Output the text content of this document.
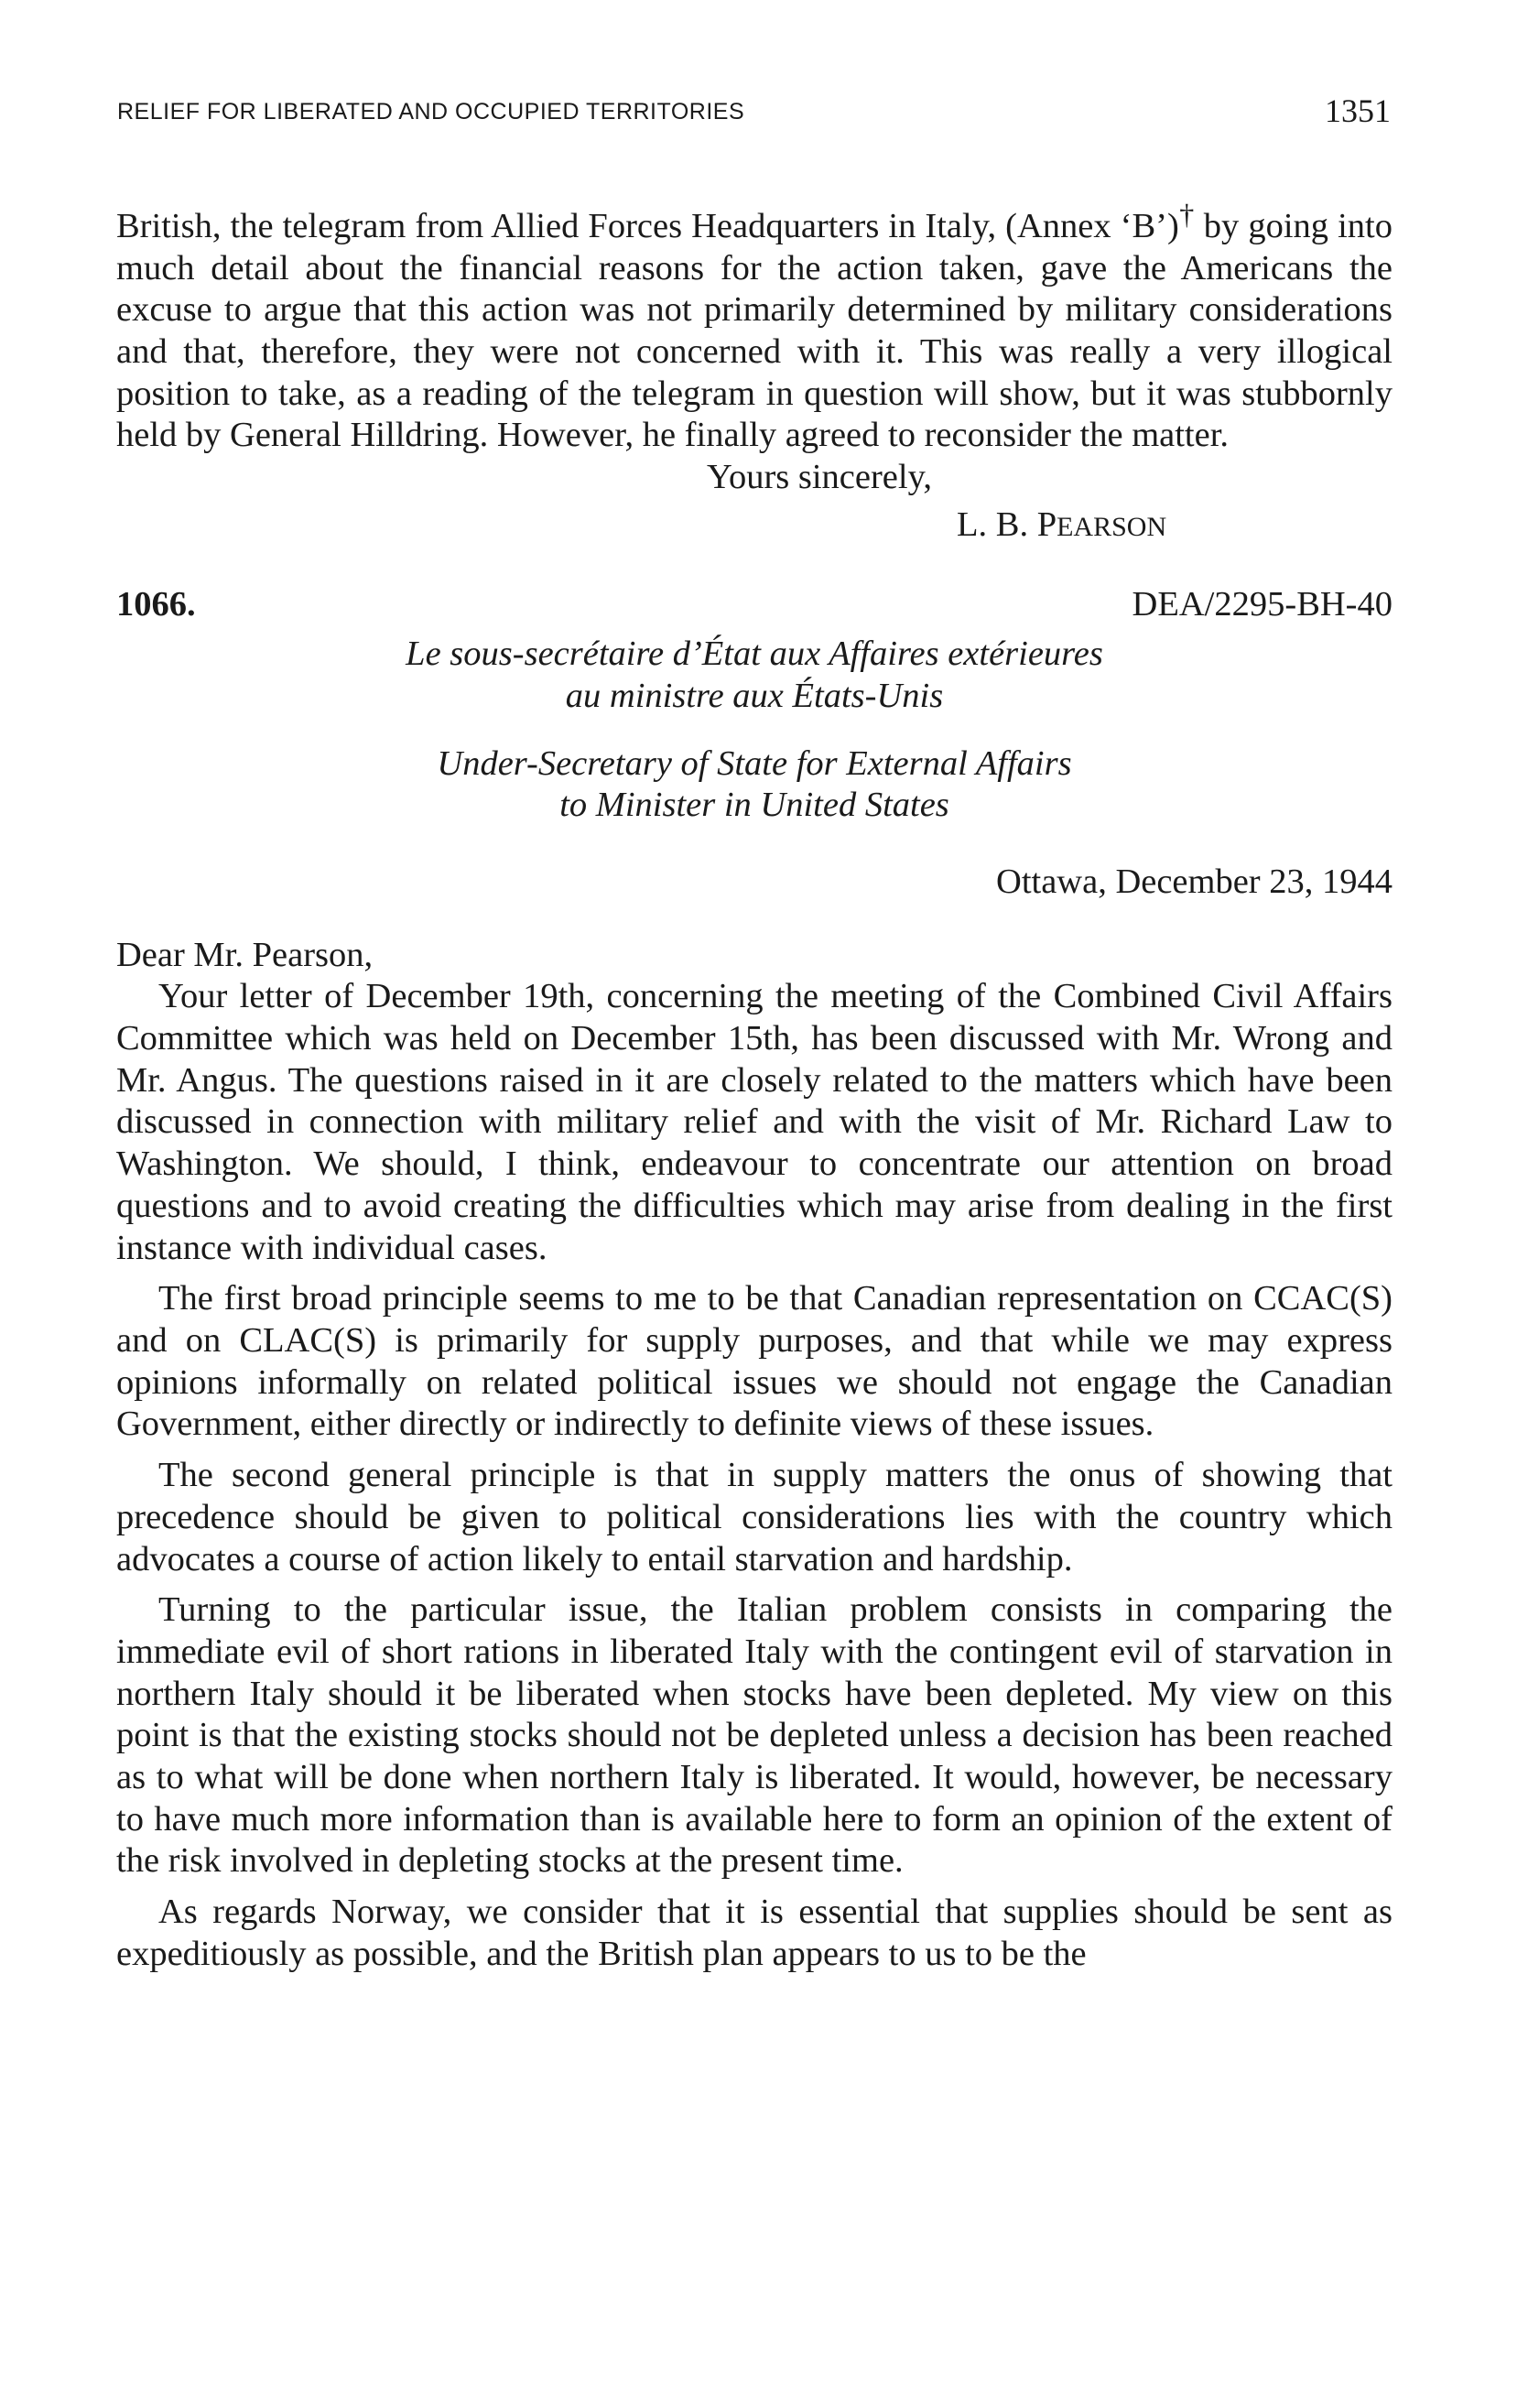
RELIEF FOR LIBERATED AND OCCUPIED TERRITORIES	1351

British, the telegram from Allied Forces Headquarters in Italy, (Annex ‘B’)† by going into much detail about the financial reasons for the action taken, gave the Americans the excuse to argue that this action was not primarily determined by military considerations and that, therefore, they were not concerned with it. This was really a very illogical position to take, as a reading of the telegram in question will show, but it was stubbornly held by General Hilldring. However, he finally agreed to reconsider the matter.

Yours sincerely,
L. B. PEARSON
1066.	DEA/2295-BH-40
Le sous-secrétaire d’État aux Affaires extérieures
au ministre aux États-Unis
Under-Secretary of State for External Affairs
to Minister in United States
Ottawa, December 23, 1944
Dear Mr. Pearson,

Your letter of December 19th, concerning the meeting of the Combined Civil Affairs Committee which was held on December 15th, has been discussed with Mr. Wrong and Mr. Angus. The questions raised in it are closely related to the matters which have been discussed in connection with military relief and with the visit of Mr. Richard Law to Washington. We should, I think, endeavour to concentrate our attention on broad questions and to avoid creating the difficulties which may arise from dealing in the first instance with individual cases.

The first broad principle seems to me to be that Canadian representation on CCAC(S) and on CLAC(S) is primarily for supply purposes, and that while we may express opinions informally on related political issues we should not engage the Canadian Government, either directly or indirectly to definite views of these issues.

The second general principle is that in supply matters the onus of showing that precedence should be given to political considerations lies with the country which advocates a course of action likely to entail starvation and hardship.

Turning to the particular issue, the Italian problem consists in comparing the immediate evil of short rations in liberated Italy with the contingent evil of starvation in northern Italy should it be liberated when stocks have been depleted. My view on this point is that the existing stocks should not be depleted unless a decision has been reached as to what will be done when northern Italy is liberated. It would, however, be necessary to have much more information than is available here to form an opinion of the extent of the risk involved in depleting stocks at the present time.

As regards Norway, we consider that it is essential that supplies should be sent as expeditiously as possible, and the British plan appears to us to be the
